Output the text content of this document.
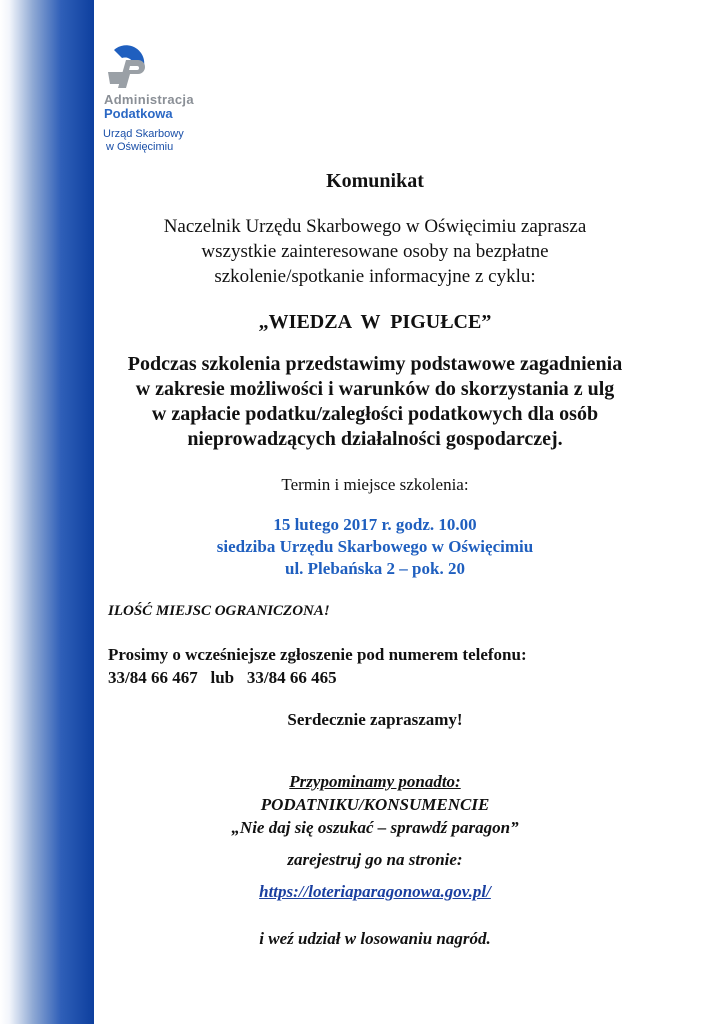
Administracja
Podatkowa
Urząd Skarbowy
w Oświęcimiu
Komunikat
Naczelnik Urzędu Skarbowego w Oświęcimiu zaprasza
wszystkie zainteresowane osoby na bezpłatne
szkolenie/spotkanie informacyjne z cyklu:
„WIEDZA  W  PIGUŁCE”
Podczas szkolenia przedstawimy podstawowe zagadnienia
w zakresie możliwości i warunków do skorzystania z ulg
w zapłacie podatku/zaległości podatkowych dla osób
nieprowadzących działalności gospodarczej.
Termin i miejsce szkolenia:
15 lutego 2017 r. godz. 10.00
siedziba Urzędu Skarbowego w Oświęcimiu
ul. Plebańska 2 – pok. 20
ILOŚĆ MIEJSC OGRANICZONA!
Prosimy o wcześniejsze zgłoszenie pod numerem telefonu:
33/84 66 467   lub   33/84 66 465
Serdecznie zapraszamy!
Przypominamy ponadto:
PODATNIKU/KONSUMENCIE
„Nie daj się oszukać – sprawdź paragon”
zarejestruj go na stronie:
https://loteriaparagonowa.gov.pl/
i weź udział w losowaniu nagród.
